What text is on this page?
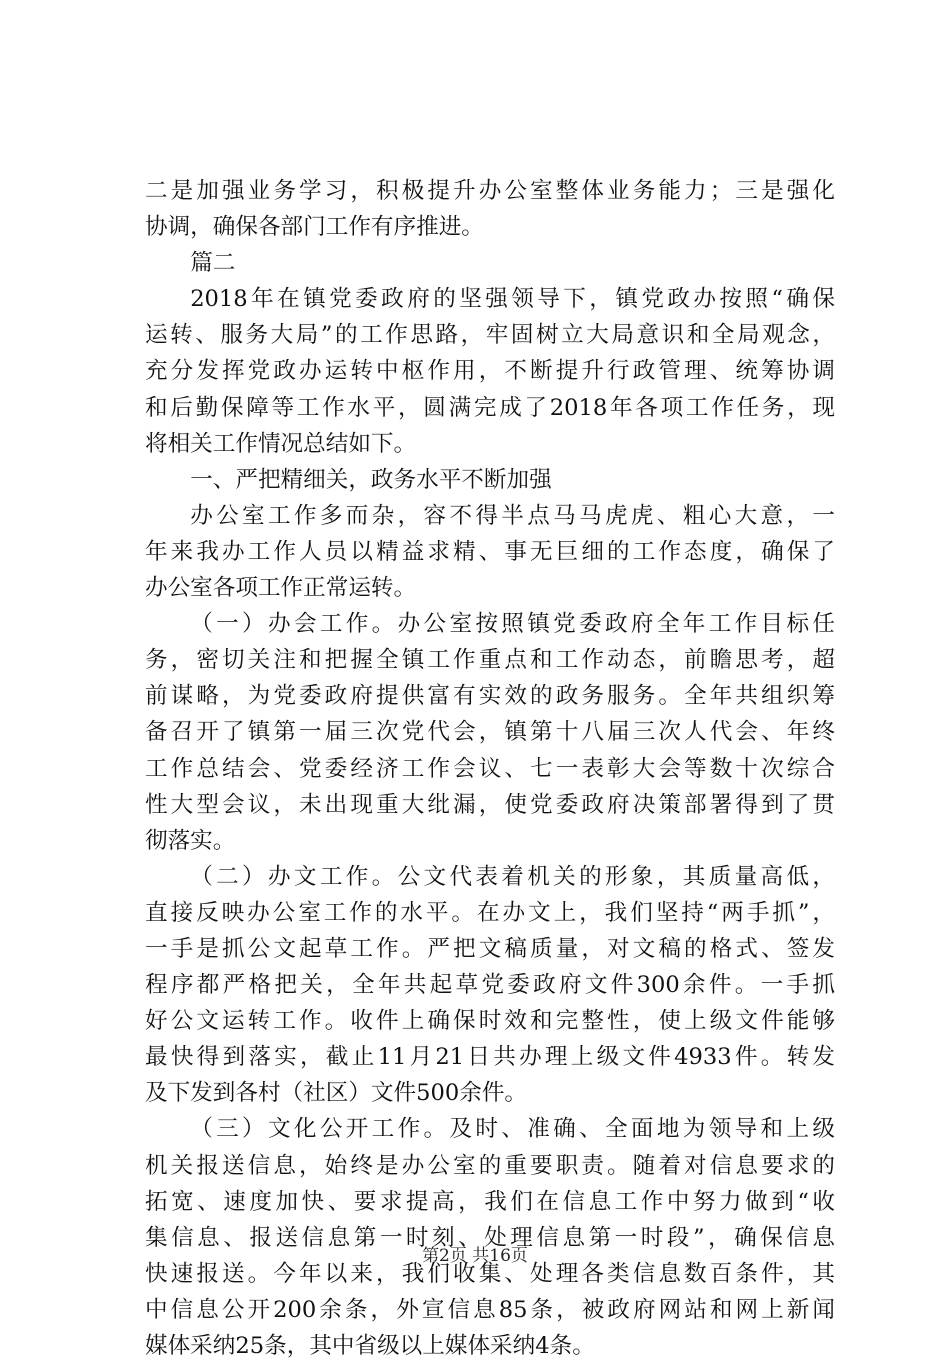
二是加强业务学习，积极提升办公室整体业务能力；三是强化
协调，确保各部门工作有序推进。
篇二
2018年在镇党委政府的坚强领导下，镇党政办按照“确保
运转、服务大局”的工作思路，牢固树立大局意识和全局观念，
充分发挥党政办运转中枢作用，不断提升行政管理、统筹协调
和后勤保障等工作水平，圆满完成了2018年各项工作任务，现
将相关工作情况总结如下。
一、严把精细关，政务水平不断加强
办公室工作多而杂，容不得半点马马虎虎、粗心大意，一
年来我办工作人员以精益求精、事无巨细的工作态度，确保了
办公室各项工作正常运转。
（一）办会工作。办公室按照镇党委政府全年工作目标任
务，密切关注和把握全镇工作重点和工作动态，前瞻思考，超
前谋略，为党委政府提供富有实效的政务服务。全年共组织筹
备召开了镇第一届三次党代会，镇第十八届三次人代会、年终
工作总结会、党委经济工作会议、七一表彰大会等数十次综合
性大型会议，未出现重大纰漏，使党委政府决策部署得到了贯
彻落实。
（二）办文工作。公文代表着机关的形象，其质量高低，
直接反映办公室工作的水平。在办文上，我们坚持“两手抓”，
一手是抓公文起草工作。严把文稿质量，对文稿的格式、签发
程序都严格把关，全年共起草党委政府文件300余件。一手抓
好公文运转工作。收件上确保时效和完整性，使上级文件能够
最快得到落实，截止11月21日共办理上级文件4933件。转发
及下发到各村（社区）文件500余件。
（三）文化公开工作。及时、准确、全面地为领导和上级
机关报送信息，始终是办公室的重要职责。随着对信息要求的
拓宽、速度加快、要求提高，我们在信息工作中努力做到“收
集信息、报送信息第一时刻、处理信息第一时段”，确保信息
快速报送。今年以来，我们收集、处理各类信息数百条件，其
中信息公开200余条，外宣信息85条，被政府网站和网上新闻
媒体采纳25条，其中省级以上媒体采纳4条。
第2页 共16页
